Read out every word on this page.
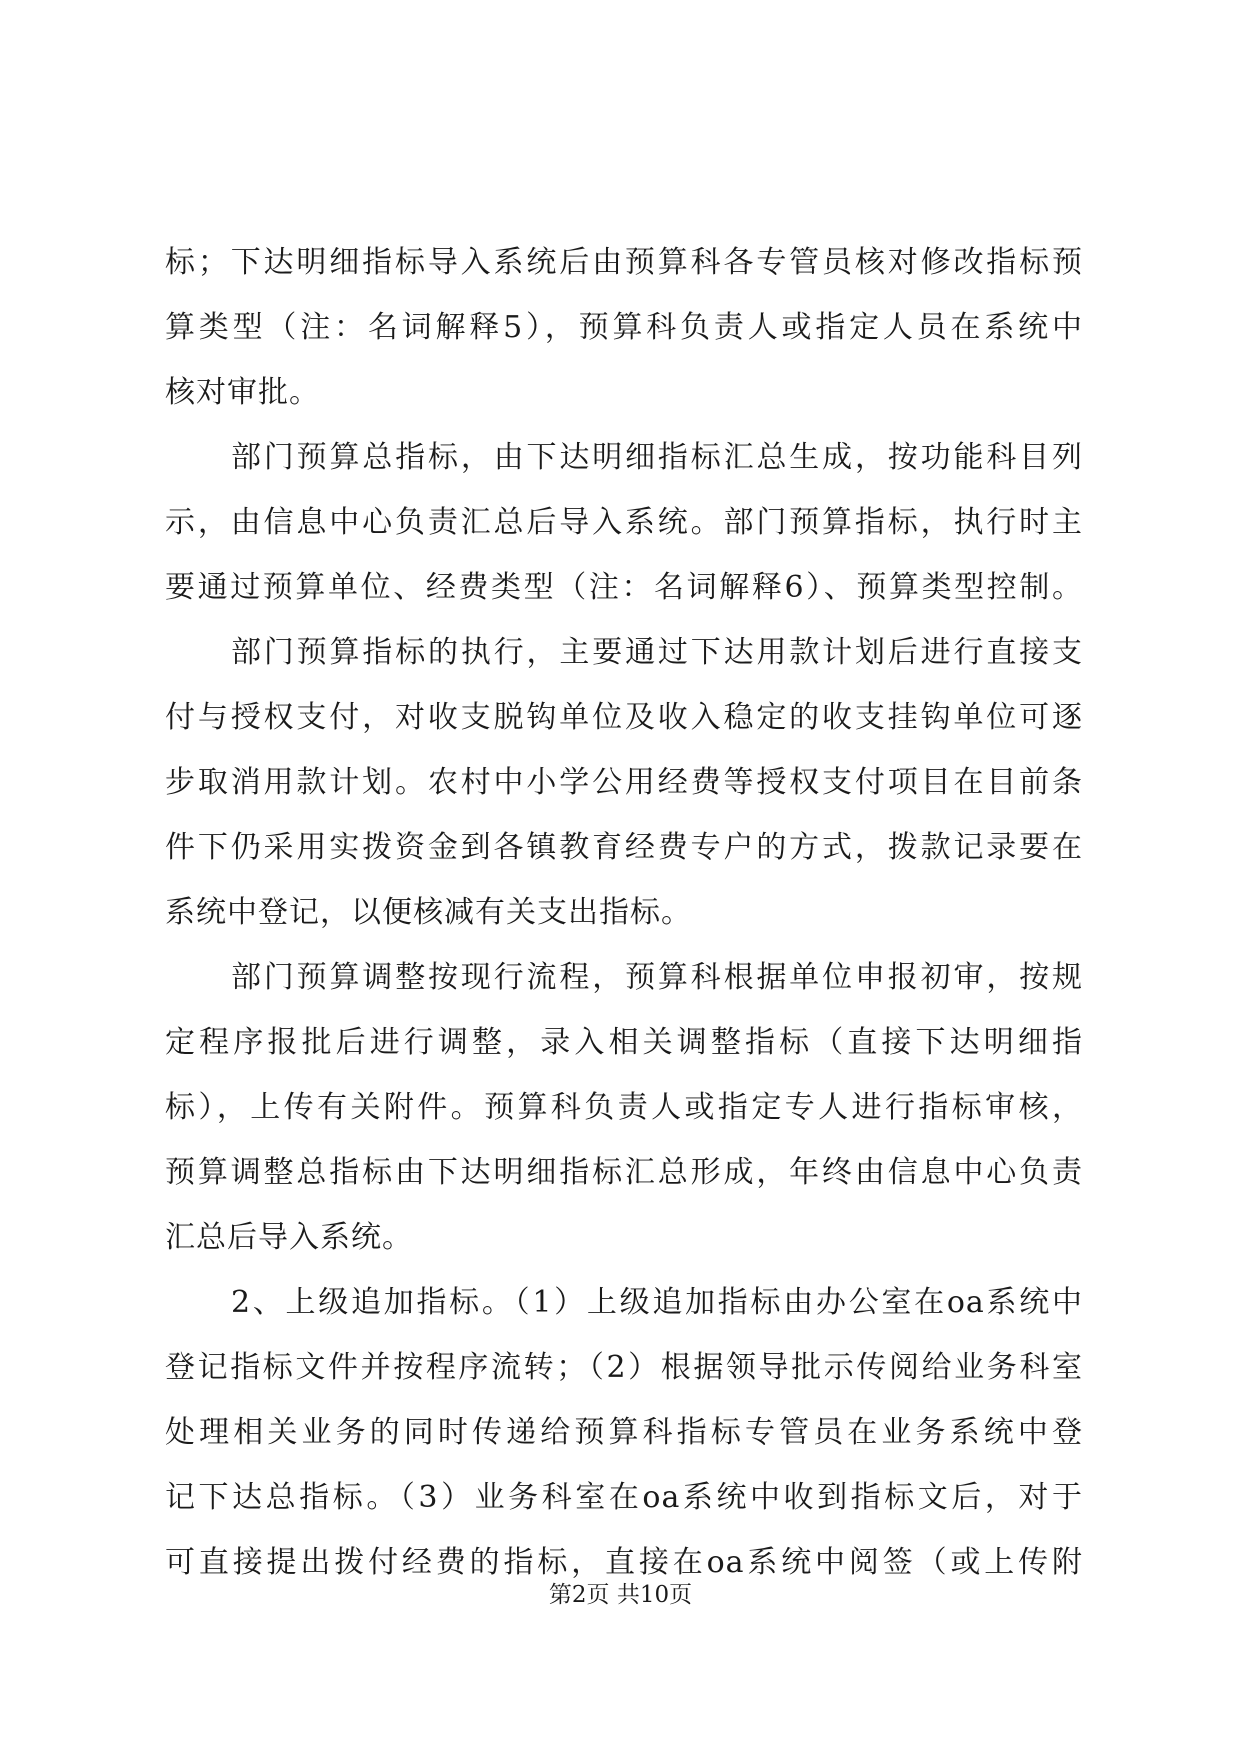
标；下达明细指标导入系统后由预算科各专管员核对修改指标预
算类型（注：名词解释5），预算科负责人或指定人员在系统中
核对审批。
部门预算总指标，由下达明细指标汇总生成，按功能科目列
示，由信息中心负责汇总后导入系统。部门预算指标，执行时主
要通过预算单位、经费类型（注：名词解释6）、预算类型控制。
部门预算指标的执行，主要通过下达用款计划后进行直接支
付与授权支付，对收支脱钩单位及收入稳定的收支挂钩单位可逐
步取消用款计划。农村中小学公用经费等授权支付项目在目前条
件下仍采用实拨资金到各镇教育经费专户的方式，拨款记录要在
系统中登记，以便核减有关支出指标。
部门预算调整按现行流程，预算科根据单位申报初审，按规
定程序报批后进行调整，录入相关调整指标（直接下达明细指
标），上传有关附件。预算科负责人或指定专人进行指标审核，
预算调整总指标由下达明细指标汇总形成，年终由信息中心负责
汇总后导入系统。
2、上级追加指标。（1）上级追加指标由办公室在oa系统中
登记指标文件并按程序流转；（2）根据领导批示传阅给业务科室
处理相关业务的同时传递给预算科指标专管员在业务系统中登
记下达总指标。（3）业务科室在oa系统中收到指标文后，对于
可直接提出拨付经费的指标，直接在oa系统中阅签（或上传附
第2页 共10页
